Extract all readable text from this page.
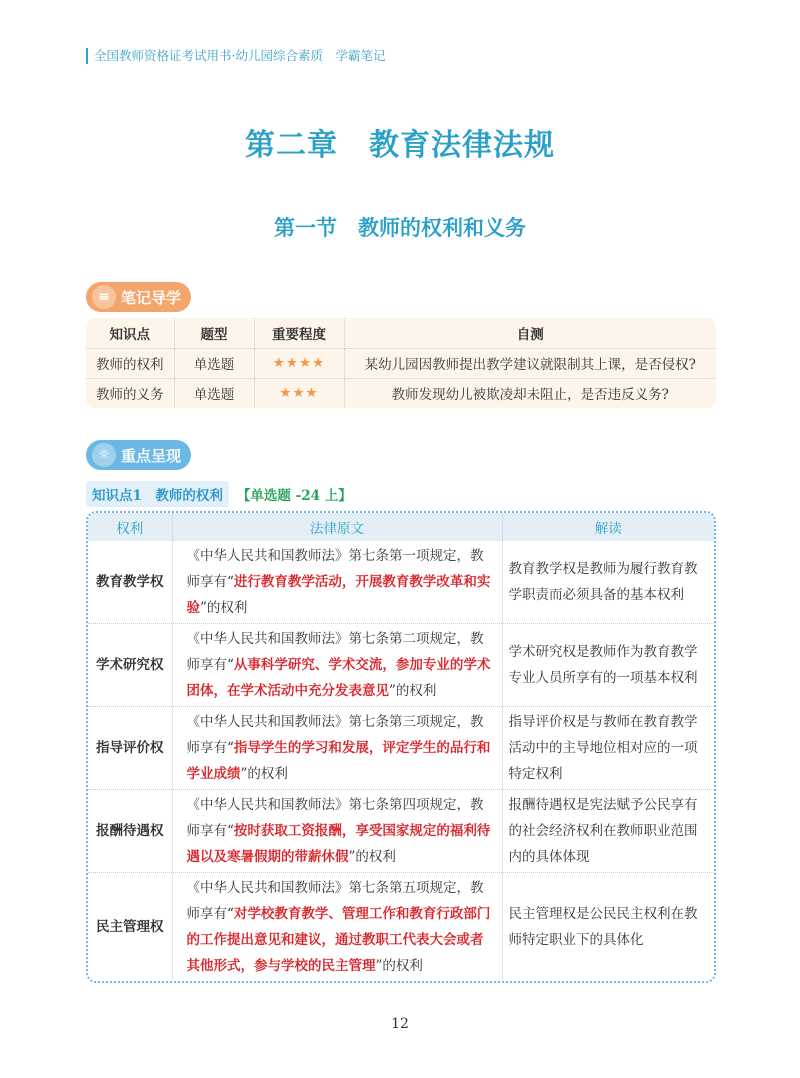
全国教师资格证考试用书·幼儿园综合素质　学霸笔记
第二章　教育法律法规
第一节　教师的权利和义务
≡ 笔记导学
知识点	题型	重要程度	自测
教师的权利	单选题	★★★★	某幼儿园因教师提出教学建议就限制其上课，是否侵权?
教师的义务	单选题	★★★	教师发现幼儿被欺凌却未阻止，是否违反义务?
☼ 重点呈现
知识点1　教师的权利	【单选题 -24 上】
权利	法律原文	解读
教育教学权	《中华人民共和国教师法》第七条第一项规定，教师享有“进行教育教学活动，开展教育教学改革和实验”的权利	教育教学权是教师为履行教育教学职责而必须具备的基本权利
学术研究权	《中华人民共和国教师法》第七条第二项规定，教师享有“从事科学研究、学术交流，参加专业的学术团体，在学术活动中充分发表意见”的权利	学术研究权是教师作为教育教学专业人员所享有的一项基本权利
指导评价权	《中华人民共和国教师法》第七条第三项规定，教师享有“指导学生的学习和发展，评定学生的品行和学业成绩”的权利	指导评价权是与教师在教育教学活动中的主导地位相对应的一项特定权利
报酬待遇权	《中华人民共和国教师法》第七条第四项规定，教师享有“按时获取工资报酬，享受国家规定的福利待遇以及寒暑假期的带薪休假”的权利	报酬待遇权是宪法赋予公民享有的社会经济权利在教师职业范围内的具体体现
民主管理权	《中华人民共和国教师法》第七条第五项规定，教师享有“对学校教育教学、管理工作和教育行政部门的工作提出意见和建议，通过教职工代表大会或者其他形式，参与学校的民主管理”的权利	民主管理权是公民民主权利在教师特定职业下的具体化
12
